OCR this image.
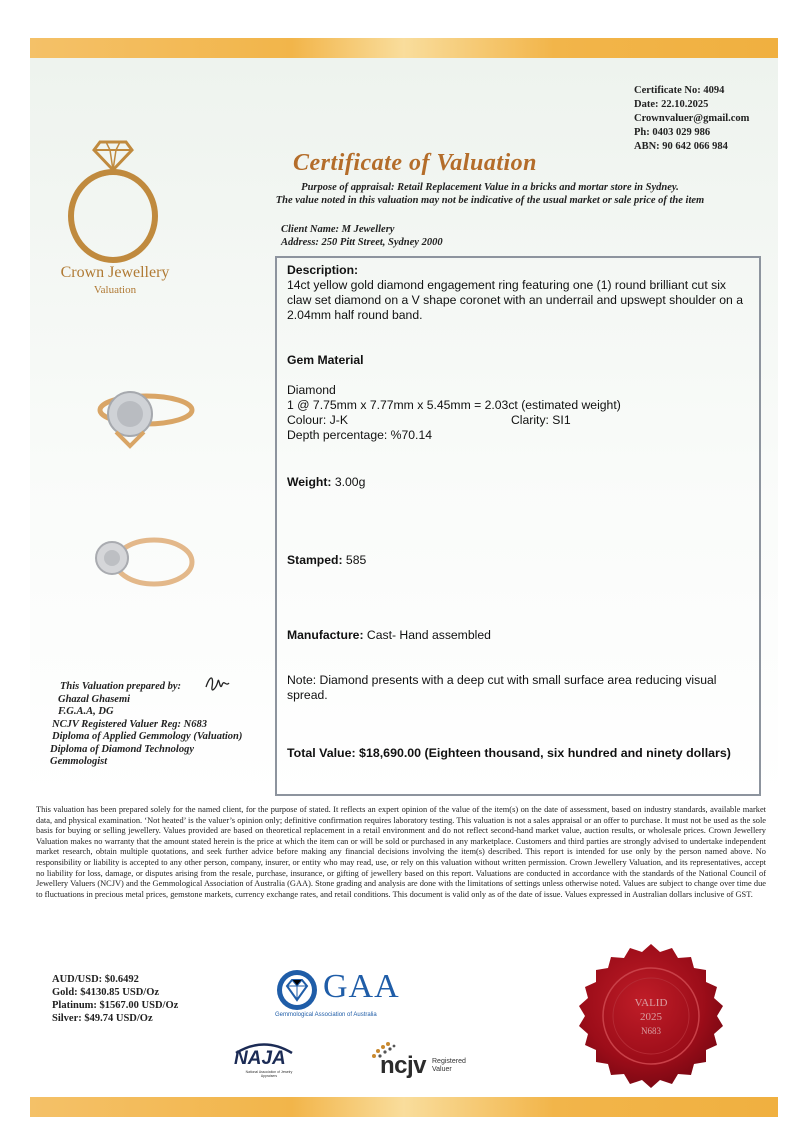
Certificate No: 4094
Date: 22.10.2025
Crownvaluer@gmail.com
Ph: 0403 029 986
ABN: 90 642 066 984
Crown Jewellery
Valuation
Certificate of Valuation
Purpose of appraisal: Retail Replacement Value in a bricks and mortar store in Sydney.
The value noted in this valuation may not be indicative of the usual market or sale price of the item
Client Name: M Jewellery
Address: 250 Pitt Street, Sydney 2000
Description:
14ct yellow gold diamond engagement ring featuring one (1) round brilliant cut six claw set diamond on a V shape coronet with an underrail and upswept shoulder on a 2.04mm half round band.
Gem Material
Diamond
1 @ 7.75mm x 7.77mm x 5.45mm = 2.03ct (estimated weight)
Colour: J-K	Clarity: SI1
Depth percentage: %70.14
Weight: 3.00g
Stamped: 585
Manufacture: Cast- Hand assembled
Note: Diamond presents with a deep cut with small surface area reducing visual spread.
Total Value: $18,690.00 (Eighteen thousand, six hundred and ninety dollars)
This Valuation prepared by:
Ghazal Ghasemi
F.G.A.A, DG
NCJV Registered Valuer Reg: N683
Diploma of Applied Gemmology (Valuation)
Diploma of Diamond Technology
Gemmologist
This valuation has been prepared solely for the named client, for the purpose of stated. It reflects an expert opinion of the value of the item(s) on the date of assessment, based on industry standards, available market data, and physical examination. ‘Not heated’ is the valuer’s opinion only; definitive confirmation requires laboratory testing. This valuation is not a sales appraisal or an offer to purchase. It must not be used as the sole basis for buying or selling jewellery. Values provided are based on theoretical replacement in a retail environment and do not reflect second-hand market value, auction results, or wholesale prices. Crown Jewellery Valuation makes no warranty that the amount stated herein is the price at which the item can or will be sold or purchased in any marketplace. Customers and third parties are strongly advised to undertake independent market research, obtain multiple quotations, and seek further advice before making any financial decisions involving the item(s) described. This report is intended for use only by the person named above. No responsibility or liability is accepted to any other person, company, insurer, or entity who may read, use, or rely on this valuation without written permission. Crown Jewellery Valuation, and its representatives, accept no liability for loss, damage, or disputes arising from the resale, purchase, insurance, or gifting of jewellery based on this report. Valuations are conducted in accordance with the standards of the National Council of Jewellery Valuers (NCJV) and the Gemmological Association of Australia (GAA). Stone grading and analysis are done with the limitations of settings unless otherwise noted. Values are subject to change over time due to fluctuations in precious metal prices, gemstone markets, currency exchange rates, and retail conditions. This document is valid only as of the date of issue. Values expressed in Australian dollars inclusive of GST.
AUD/USD: $0.6492
Gold: $4130.85 USD/Oz
Platinum: $1567.00 USD/Oz
Silver: $49.74 USD/Oz
GAA
Gemmological Association of Australia
NAJA
National Association of Jewelry Appraisers	ncjv Registered
Valuer
VALID
2025
N683
